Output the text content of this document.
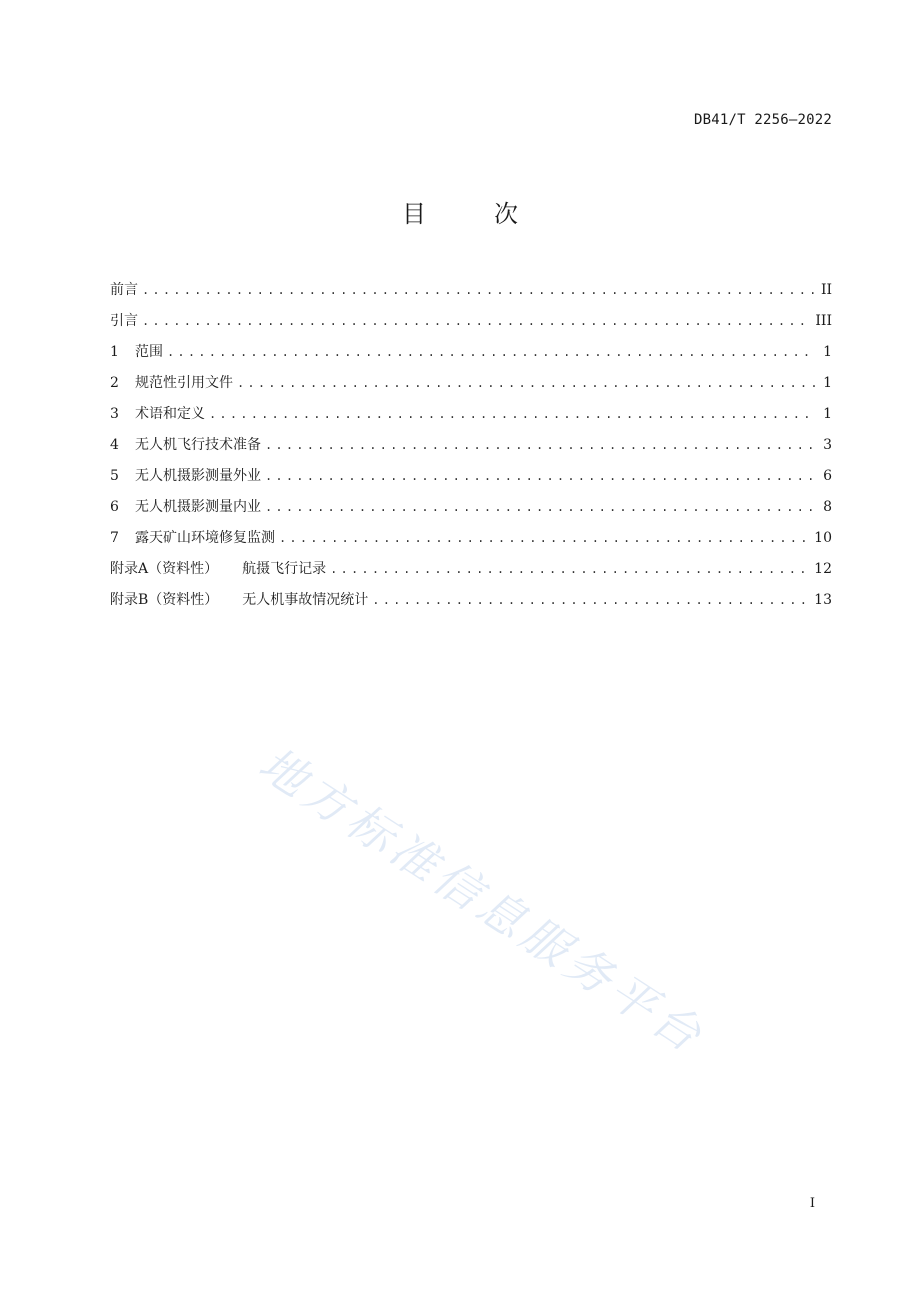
DB41/T 2256—2022
目　次
前言 .....	II
引言 .....	III
1	范围 .....	1
2	规范性引用文件 .....	1
3	术语和定义 .....	1
4	无人机飞行技术准备 .....	3
5	无人机摄影测量外业 .....	6
6	无人机摄影测量内业 .....	8
7	露天矿山环境修复监测 .....	10
附录A（资料性） 航摄飞行记录 .....	12
附录B（资料性） 无人机事故情况统计 .....	13
地方标准信息服务平台
I
